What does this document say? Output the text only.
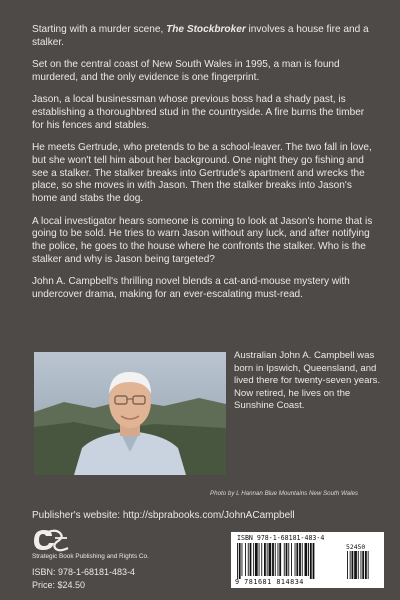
Starting with a murder scene, The Stockbroker involves a house fire and a stalker.

Set on the central coast of New South Wales in 1995, a man is found murdered, and the only evidence is one fingerprint.

Jason, a local businessman whose previous boss had a shady past, is establishing a thoroughbred stud in the countryside. A fire burns the timber for his fences and stables.

He meets Gertrude, who pretends to be a school-leaver. The two fall in love, but she won't tell him about her background. One night they go fishing and see a stalker. The stalker breaks into Gertrude's apartment and wrecks the place, so she moves in with Jason. Then the stalker breaks into Jason's home and stabs the dog.

A local investigator hears someone is coming to look at Jason's home that is going to be sold. He tries to warn Jason without any luck, and after notifying the police, he goes to the house where he confronts the stalker. Who is the stalker and why is Jason being targeted?

John A. Campbell's thrilling novel blends a cat-and-mouse mystery with undercover drama, making for an ever-escalating must-read.

Australian John A. Campbell was born in Ipswich, Queensland, and lived there for twenty-seven years. Now retired, he lives on the Sunshine Coast.

Photo by L Hannan Blue Mountains New South Wales

Publisher's website: http://sbprabooks.com/JohnACampbell

Strategic Book Publishing and Rights Co.

ISBN: 978-1-68181-483-4

Price: $24.50

ISBN 978-1-68181-483-4

52450

9 781681 814834
